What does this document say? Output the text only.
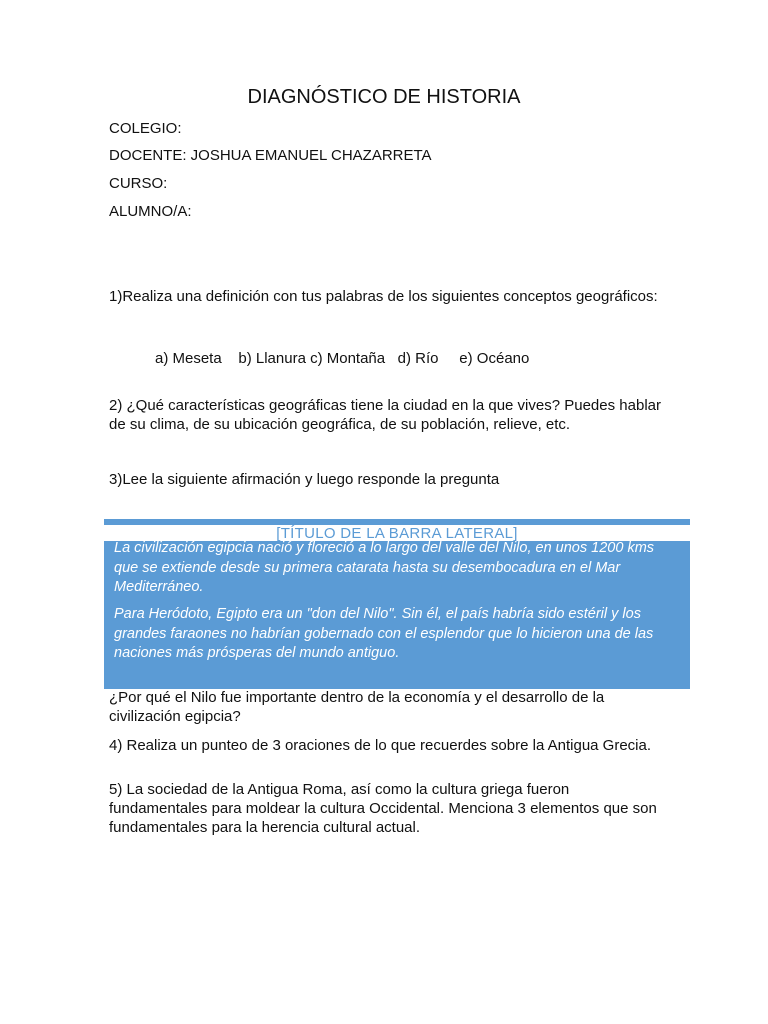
DIAGNÓSTICO DE HISTORIA
COLEGIO:
DOCENTE: JOSHUA EMANUEL CHAZARRETA
CURSO:
ALUMNO/A:
1)Realiza una definición con tus palabras de los siguientes conceptos geográficos:
a) Meseta    b) Llanura c) Montaña   d) Río     e) Océano
2) ¿Qué características geográficas tiene la ciudad en la que vives? Puedes hablar de su clima, de su ubicación geográfica, de su población, relieve, etc.
3)Lee la siguiente afirmación y luego responde la pregunta
[TÍTULO DE LA BARRA LATERAL]
La civilización egipcia nació y floreció a lo largo del valle del Nilo, en unos 1200 kms que se extiende desde su primera catarata hasta su desembocadura en el Mar Mediterráneo.
Para Heródoto, Egipto era un "don del Nilo". Sin él, el país habría sido estéril y los grandes faraones no habrían gobernado con el esplendor que lo hicieron una de las naciones más prósperas del mundo antiguo.
¿Por qué el Nilo fue importante dentro de la economía y el desarrollo de la civilización egipcia?
4) Realiza un punteo de 3 oraciones de lo que recuerdes sobre la Antigua Grecia.
5) La sociedad de la Antigua Roma, así como la cultura griega fueron fundamentales para moldear la cultura Occidental. Menciona 3 elementos que son fundamentales para la herencia cultural actual.
